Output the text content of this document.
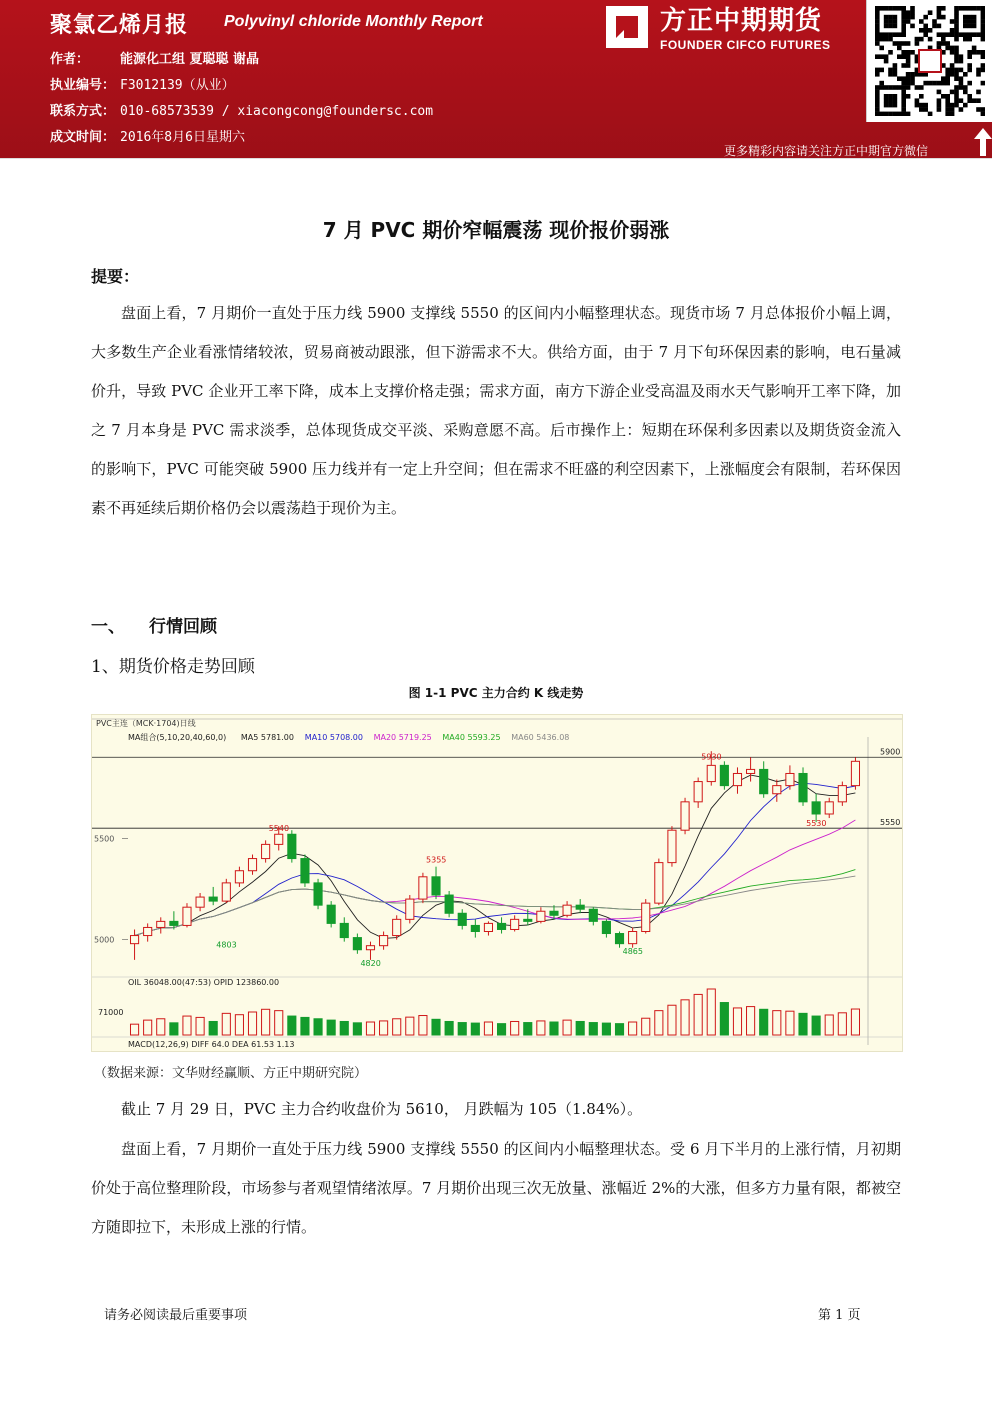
聚氯乙烯月报 Polyvinyl chloride Monthly Report
作者： 能源化工组 夏聪聪 谢晶
执业编号： F3012139（从业）
联系方式： 010-68573539 / xiacongcong@foundersc.com
成文时间： 2016年8月6日星期六
方正中期期货
FOUNDER CIFCO FUTURES
更多精彩内容请关注方正中期官方微信
7 月 PVC 期价窄幅震荡 现价报价弱涨
提要：

盘面上看，7 月期价一直处于压力线 5900 支撑线 5550 的区间内小幅整理状态。现货市场 7 月总体报价小幅上调，大多数生产企业看涨情绪较浓，贸易商被动跟涨，但下游需求不大。供给方面，由于 7 月下旬环保因素的影响，电石量减价升，导致 PVC 企业开工率下降，成本上支撑价格走强；需求方面，南方下游企业受高温及雨水天气影响开工率下降，加之 7 月本身是 PVC 需求淡季，总体现货成交平淡、采购意愿不高。后市操作上：短期在环保利多因素以及期货资金流入的影响下，PVC 可能突破 5900 压力线并有一定上升空间；但在需求不旺盛的利空因素下，上涨幅度会有限制，若环保因素不再延续后期价格仍会以震荡趋于现价为主。

一、 行情回顾
1、期货价格走势回顾
图 1-1 PVC 主力合约 K 线走势
PVC主连（MCK·1704)日线
MA组合(5,10,20,40,60,0) MA5 5781.00 MA10 5708.00 MA20 5719.25 MA40 5593.25 MA60 5436.08
5900
5550
5000
5500
4803
5540
4820
5355
4865
5930
5530
OIL 36048.00(47:53) OPID 123860.00
71000
MACD(12,26,9) DIFF 64.0 DEA 61.53 1.13
（数据来源：文华财经赢顺、方正中期研究院）

截止 7 月 29 日，PVC 主力合约收盘价为 5610， 月跌幅为 105（1.84%）。

盘面上看，7 月期价一直处于压力线 5900 支撑线 5550 的区间内小幅整理状态。受 6 月下半月的上涨行情，月初期价处于高位整理阶段，市场参与者观望情绪浓厚。7 月期价出现三次无放量、涨幅近 2%的大涨，但多方力量有限，都被空方随即拉下，未形成上涨的行情。

请务必阅读最后重要事项	第 1 页
